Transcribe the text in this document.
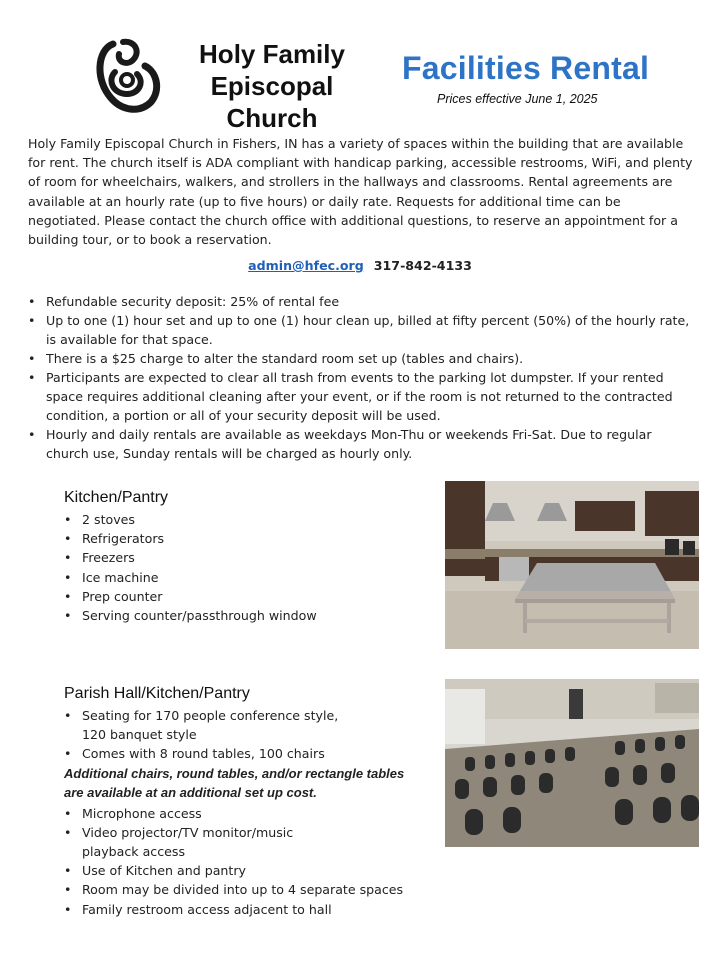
Holy Family
Episcopal Church
Facilities Rental
Prices effective June 1, 2025
Holy Family Episcopal Church in Fishers, IN has a variety of spaces within the building that are available for rent. The church itself is ADA compliant with handicap parking, accessible restrooms, WiFi, and plenty of room for wheelchairs, walkers, and strollers in the hallways and classrooms. Rental agreements are available at an hourly rate (up to five hours) or daily rate. Requests for additional time can be negotiated. Please contact the church office with additional questions, to reserve an appointment for a building tour, or to book a reservation.
admin@hfec.org 317-842-4133
• Refundable security deposit: 25% of rental fee
• Up to one (1) hour set and up to one (1) hour clean up, billed at fifty percent (50%) of the hourly rate, is available for that space.
• There is a $25 charge to alter the standard room set up (tables and chairs).
• Participants are expected to clear all trash from events to the parking lot dumpster. If your rented space requires additional cleaning after your event, or if the room is not returned to the contracted condition, a portion or all of your security deposit will be used.
• Hourly and daily rentals are available as weekdays Mon-Thu or weekends Fri-Sat. Due to regular church use, Sunday rentals will be charged as hourly only.
Kitchen/Pantry
• 2 stoves
• Refrigerators
• Freezers
• Ice machine
• Prep counter
• Serving counter/passthrough window
Parish Hall/Kitchen/Pantry
• Seating for 170 people conference style, 120 banquet style
• Comes with 8 round tables, 100 chairs
Additional chairs, round tables, and/or rectangle tables are available at an additional set up cost.
• Microphone access
• Video projector/TV monitor/music playback access
• Use of Kitchen and pantry
• Room may be divided into up to 4 separate spaces
• Family restroom access adjacent to hall
